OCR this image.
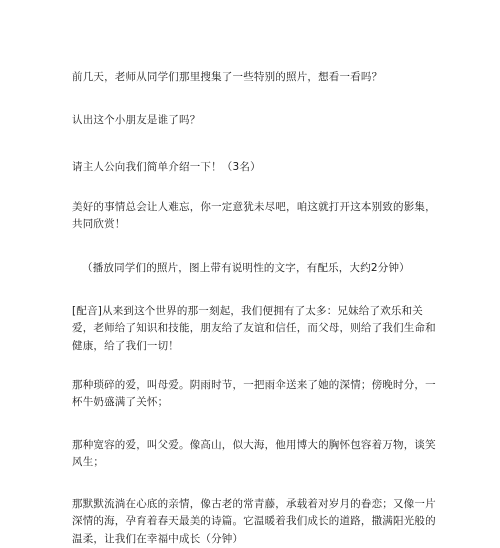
前几天，老师从同学们那里搜集了一些特别的照片，想看一看吗？

认出这个小朋友是谁了吗？

请主人公向我们简单介绍一下！（3名）

美好的事情总会让人难忘，你一定意犹未尽吧，咱这就打开这本别致的影集，共同欣赏！

（播放同学们的照片，图上带有说明性的文字，有配乐，大约2分钟）

[配音]从来到这个世界的那一刻起，我们便拥有了太多：兄妹给了欢乐和关爱，老师给了知识和技能，朋友给了友谊和信任，而父母，则给了我们生命和健康，给了我们一切！

那种琐碎的爱，叫母爱。阴雨时节，一把雨伞送来了她的深情；傍晚时分，一杯牛奶盛满了关怀；

那种宽容的爱，叫父爱。像高山，似大海，他用博大的胸怀包容着万物，谈笑风生；

那默默流淌在心底的亲情，像古老的常青藤，承载着对岁月的眷恋；又像一片深情的海，孕育着春天最美的诗篇。它温暖着我们成长的道路，撒满阳光般的温柔，让我们在幸福中成长（分钟）
